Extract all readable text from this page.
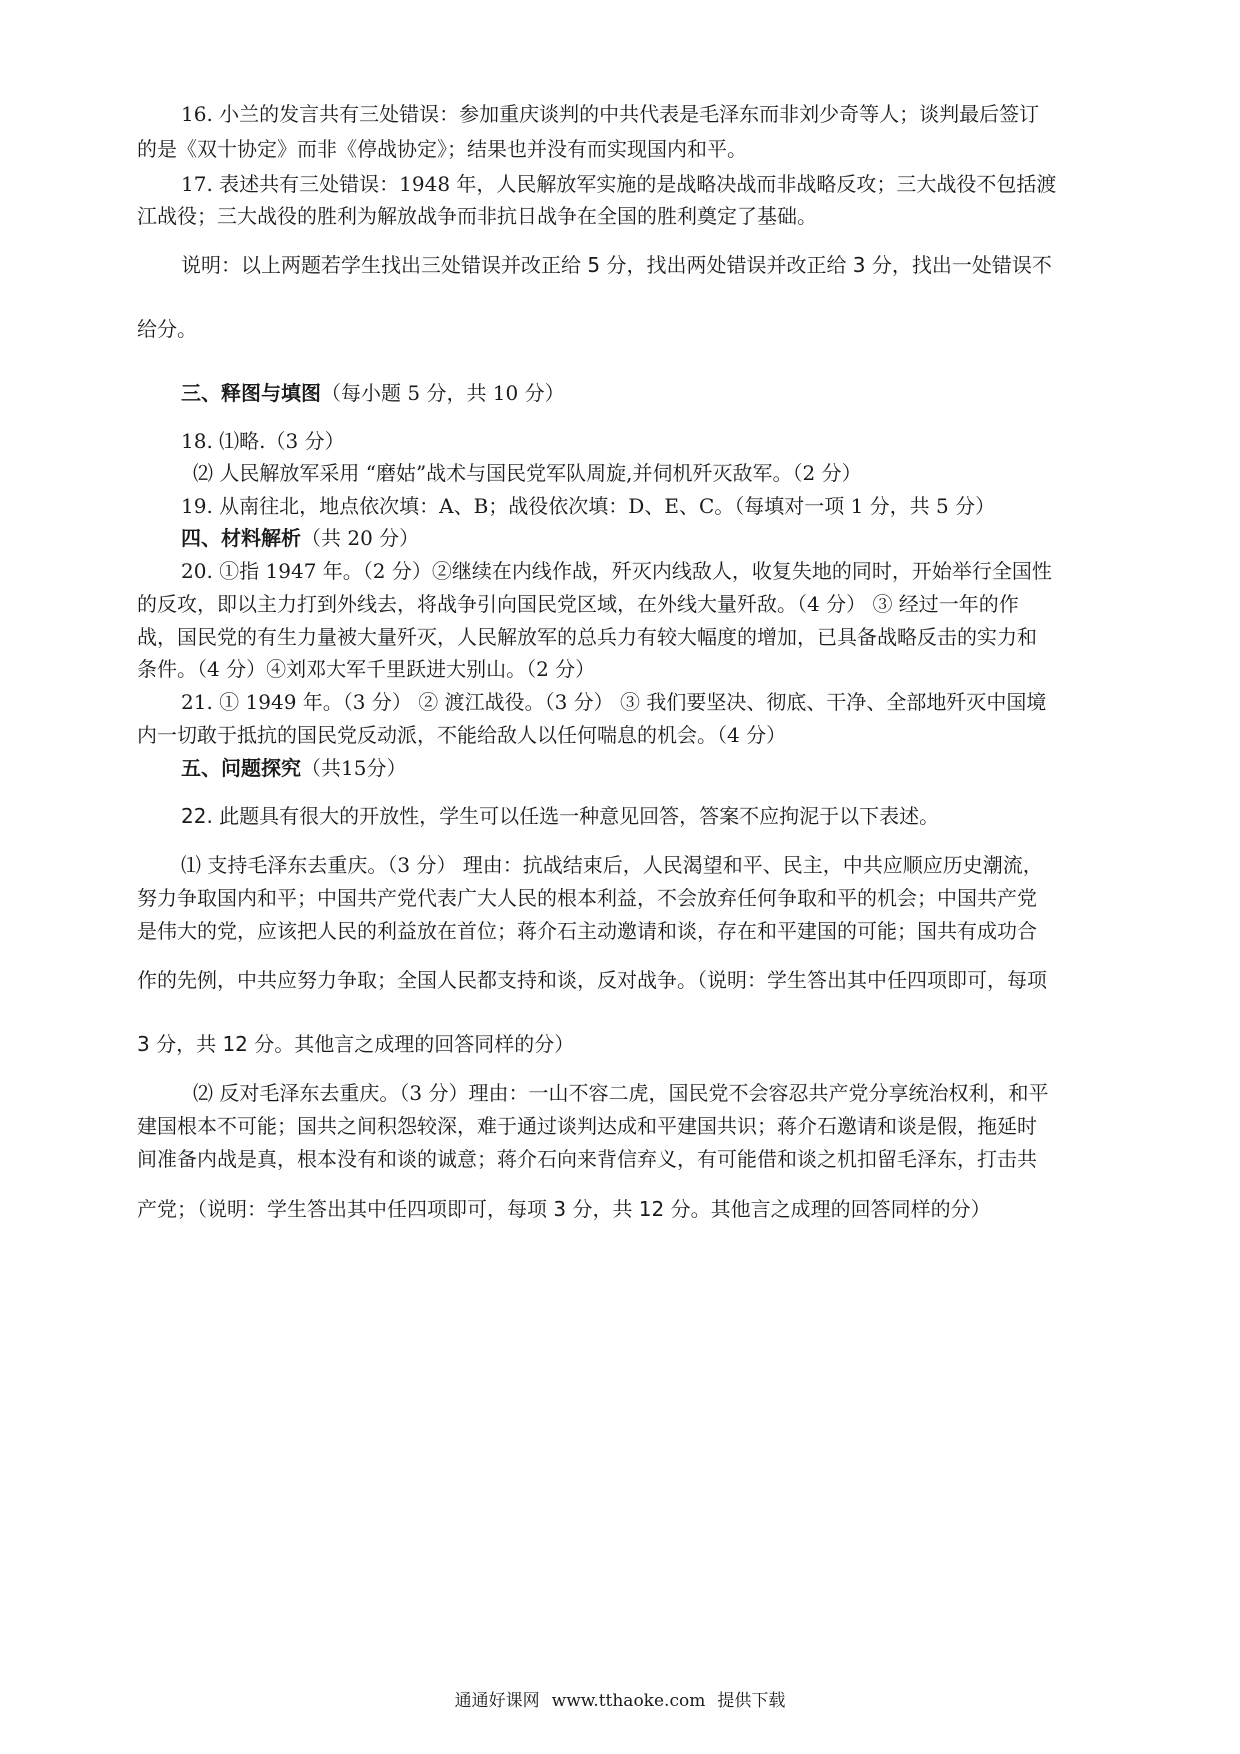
16. 小兰的发言共有三处错误：参加重庆谈判的中共代表是毛泽东而非刘少奇等人；谈判最后签订
的是《双十协定》而非《停战协定》；结果也并没有而实现国内和平。
17. 表述共有三处错误：1948 年，人民解放军实施的是战略决战而非战略反攻；三大战役不包括渡
江战役；三大战役的胜利为解放战争而非抗日战争在全国的胜利奠定了基础。
说明：以上两题若学生找出三处错误并改正给 5 分，找出两处错误并改正给 3 分，找出一处错误不
给分。
三、释图与填图（每小题 5 分，共 10 分）
18. ⑴略.（3 分）
⑵ 人民解放军采用 “磨姑”战术与国民党军队周旋,并伺机歼灭敌军。（2 分）
19. 从南往北，地点依次填：A、B；战役依次填：D、E、C。（每填对一项 1 分，共 5 分）
四、材料解析（共 20 分）
20. ①指 1947 年。（2 分）②继续在内线作战，歼灭内线敌人，收复失地的同时，开始举行全国性
的反攻，即以主力打到外线去，将战争引向国民党区域，在外线大量歼敌。（4 分） ③ 经过一年的作
战，国民党的有生力量被大量歼灭，人民解放军的总兵力有较大幅度的增加，已具备战略反击的实力和
条件。（4 分）④刘邓大军千里跃进大别山。（2 分）
21. ① 1949 年。（3 分） ② 渡江战役。（3 分） ③ 我们要坚决、彻底、干净、全部地歼灭中国境
内一切敢于抵抗的国民党反动派，不能给敌人以任何喘息的机会。（4 分）
五、问题探究（共15分）
22. 此题具有很大的开放性，学生可以任选一种意见回答，答案不应拘泥于以下表述。
⑴ 支持毛泽东去重庆。（3 分） 理由：抗战结束后，人民渴望和平、民主，中共应顺应历史潮流，
努力争取国内和平；中国共产党代表广大人民的根本利益，不会放弃任何争取和平的机会；中国共产党
是伟大的党，应该把人民的利益放在首位；蒋介石主动邀请和谈，存在和平建国的可能；国共有成功合
作的先例，中共应努力争取；全国人民都支持和谈，反对战争。（说明：学生答出其中任四项即可，每项
3 分，共 12 分。其他言之成理的回答同样的分）
⑵ 反对毛泽东去重庆。（3 分）理由：一山不容二虎，国民党不会容忍共产党分享统治权利，和平
建国根本不可能；国共之间积怨较深，难于通过谈判达成和平建国共识；蒋介石邀请和谈是假，拖延时
间准备内战是真，根本没有和谈的诚意；蒋介石向来背信弃义，有可能借和谈之机扣留毛泽东，打击共
产党；（说明：学生答出其中任四项即可，每项 3 分，共 12 分。其他言之成理的回答同样的分）
通通好课网 www.tthaoke.com 提供下载
